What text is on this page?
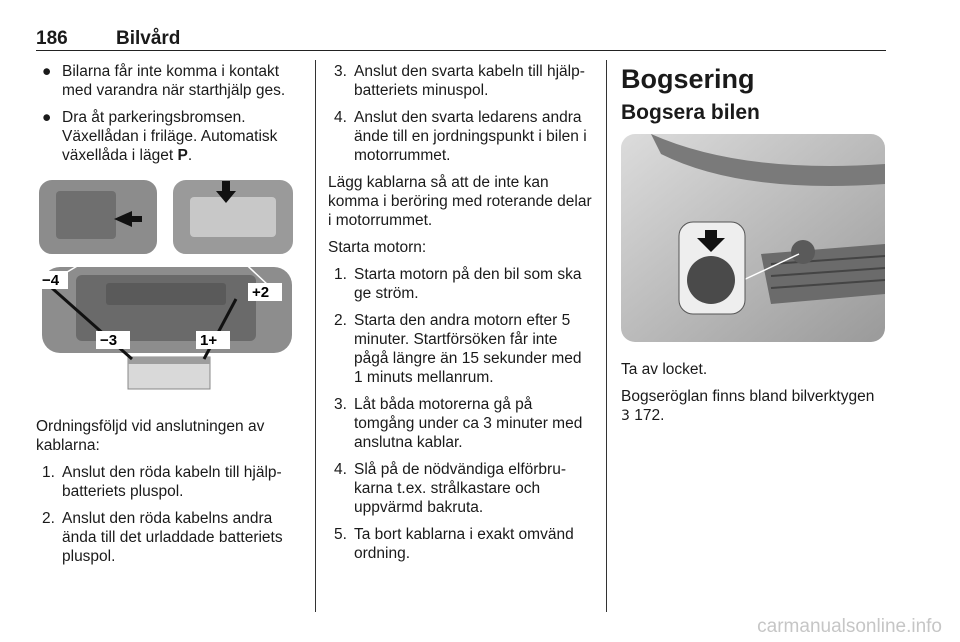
186	Bilvård
● Bilarna får inte komma i kontakt med varandra när starthjälp ges.
● Dra åt parkeringsbromsen. Växellådan i friläge. Automatisk växellåda i läget P.
−4
+2
−3	1+

Ordningsföljd vid anslutningen av kablarna:

1. Anslut den röda kabeln till hjälp-batteriets pluspol.
2. Anslut den röda kabelns andra ända till det urladdade batteriets pluspol.
3. Anslut den svarta kabeln till hjälp-batteriets minuspol.
4. Anslut den svarta ledarens andra ände till en jordningspunkt i bilen i motorrummet.

Lägg kablarna så att de inte kan komma i beröring med roterande delar i motorrummet.

Starta motorn:

1. Starta motorn på den bil som ska ge ström.
2. Starta den andra motorn efter 5 minuter. Startförsöken får inte pågå längre än 15 sekunder med 1 minuts mellanrum.
3. Låt båda motorerna gå på tomgång under ca 3 minuter med anslutna kablar.
4. Slå på de nödvändiga elförbru-karna t.ex. strålkastare och uppvärmd bakruta.
5. Ta bort kablarna i exakt omvänd ordning.
Bogsering
Bogsera bilen

Ta av locket.

Bogseröglan finns bland bilverktygen 3 172.

carmanualsonline.info
